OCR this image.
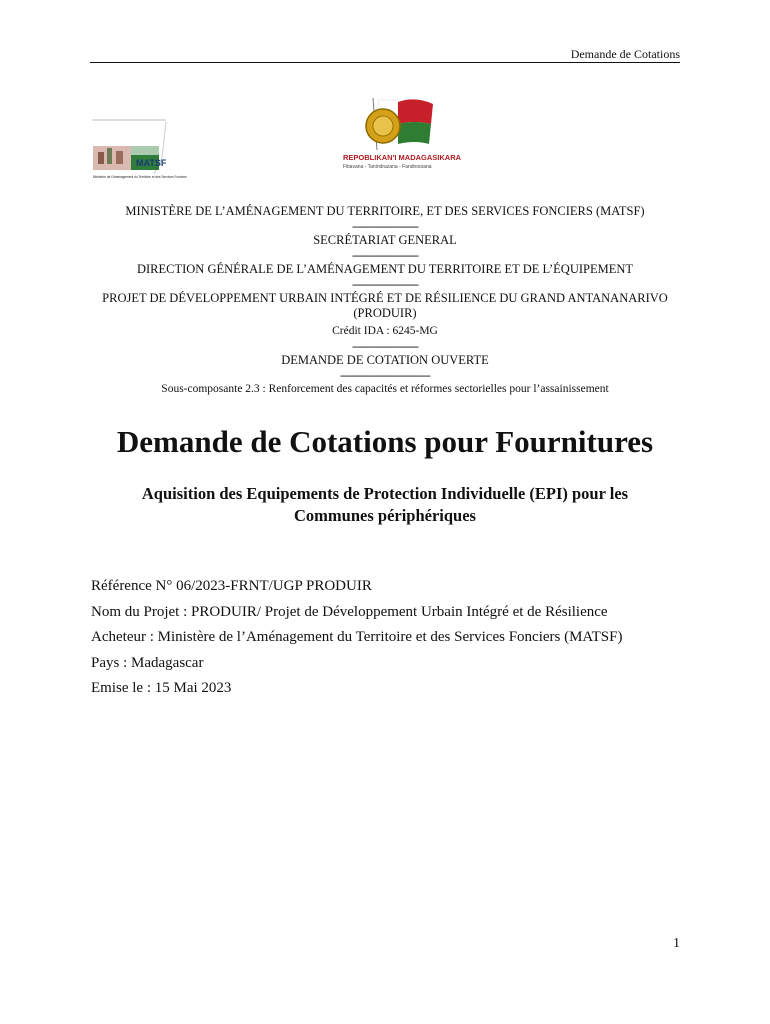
Demande de Cotations
MATSF
Ministère de l'Aménagement du Territoire et des Services Fonciers
REPOBLIKAN'I MADAGASIKARA
Fitiavana - Tanindrazana - Fandrosoana
MINISTÈRE DE L’AMÉNAGEMENT DU TERRITOIRE, ET DES SERVICES FONCIERS (MATSF)
----------------------
SECRÉTARIAT GENERAL
----------------------
DIRECTION GÉNÉRALE DE L’AMÉNAGEMENT DU TERRITOIRE ET DE L’ÉQUIPEMENT
----------------------
PROJET DE DÉVELOPPEMENT URBAIN INTÉGRÉ ET DE RÉSILIENCE DU GRAND ANTANANARIVO (PRODUIR)
Crédit IDA : 6245-MG
----------------------
DEMANDE DE COTATION OUVERTE
------------------------------
Sous-composante 2.3 : Renforcement des capacités et réformes sectorielles pour l’assainissement
Demande de Cotations pour Fournitures
Aquisition des Equipements de Protection Individuelle (EPI) pour les Communes périphériques
Référence N° 06/2023-FRNT/UGP PRODUIR
Nom du Projet : PRODUIR/ Projet de Développement Urbain Intégré et de Résilience
Acheteur : Ministère de l’Aménagement du Territoire et des Services Fonciers (MATSF)
Pays : Madagascar
Emise le : 15 Mai 2023
1
